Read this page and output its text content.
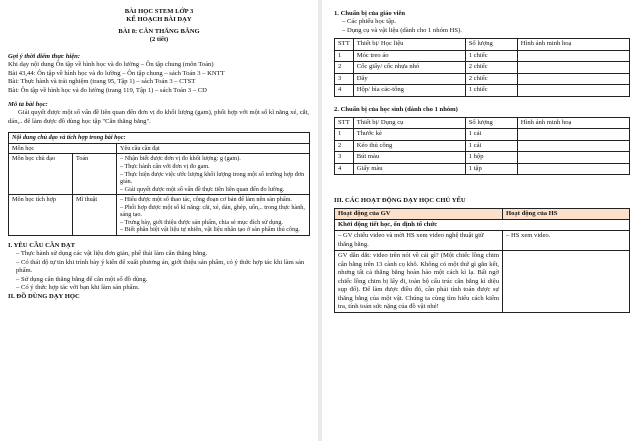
BÀI HỌC STEM LỚP 3
KẾ HOẠCH BÀI DẠY
BÀI 8: CÂN THĂNG BẰNG
(2 tiết)
Gợi ý thời điểm thực hiện:
Khi dạy nội dung Ôn tập về hình học và đo lường – Ôn tập chung (môn Toán)
Bài 43,44: Ôn tập về hình học và đo lường – Ôn tập chung – sách Toán 3 – KNTT
Bài: Thực hành và trải nghiệm (trang 95, Tập 1) – sách Toán 3 – CTST
Bài: Ôn tập về hình học và đo lường (trang 119, Tập 1) – sách Toán 3 – CD
Mô tả bài học:
Giải quyết được một số vấn đề liên quan đến đơn vị đo khối lượng (gam), phối hợp với một số kĩ năng xé, cắt, dán,.. để làm được đồ dùng học tập "Cân thăng bằng".
Nội dung chủ đạo và tích hợp trong bài học:		
Môn học		Yêu cầu cần đạt
Môn học chủ đạo	Toán	– Nhận biết được đơn vị đo khối lượng: g (gam).
– Thực hành cân với đơn vị đo gam.
– Thực hiện được việc ước lượng khối lượng trong một số trường hợp đơn giản.
– Giải quyết được một số vấn đề thực tiễn liên quan đến đo lường.

Môn học tích hợp	Mĩ thuật	– Hiểu được một số thao tác, công đoạn cơ bản để làm nên sản phẩm.
– Phối hợp được một số kĩ năng: cắt, xé, dán, ghép, uốn,.. trong thực hành, sáng tạo.
– Trưng bày, giới thiệu được sản phẩm, chia sẻ mục đích sử dụng.
– Biết phân biệt vật liệu tự nhiên, vật liệu nhân tạo ở sản phẩm thủ công.
I. YÊU CẦU CẦN ĐẠT
– Thực hành sử dụng các vật liệu đơn giản, phế thải làm cân thăng bằng.
– Có thái độ tự tin khi trình bày ý kiến để xuất phương án, giới thiệu sản phẩm, có ý thức hợp tác khi làm sản phẩm.
– Sử dụng cân thăng bằng để cân một số đồ dùng.
– Có ý thức hợp tác với bạn khi làm sản phẩm.
II. ĐỒ DÙNG DẠY HỌC
1. Chuẩn bị của giáo viên
– Các phiếu học tập.
– Dụng cụ và vật liệu (dành cho 1 nhóm HS).
STT	Thiết bị/ Học liệu	Số lượng	Hình ảnh minh hoạ
1	Móc treo áo	1 chiếc	
2	Cốc giấy/ cốc nhựa nhỏ	2 chiếc	
3	Dây	2 chiếc	
4	Hộp/ bìa các-tông	1 chiếc	
2. Chuẩn bị của học sinh (dành cho 1 nhóm)
STT	Thiết bị/ Dụng cụ	Số lượng	Hình ảnh minh hoạ
1	Thước kẻ	1 cái	
2	Kéo thủ công	1 cái	
3	Bút màu	1 hộp	
4	Giấy màu	1 tập	
III. CÁC HOẠT ĐỘNG DẠY HỌC CHỦ YẾU
Hoạt động của GV	Hoạt động của HS
Khởi động tiết học, ổn định tổ chức	
– GV chiếu video và mời HS xem video nghệ thuật giữ thăng bằng.	– HS xem video.
GV dẫn dắt: video trên nói về cái gì? (Một chiếc lồng chim cân bằng trên 13 cành cọ khô. Không có một thứ gì gắn kết, nhưng tất cả thăng bằng hoàn hảo một cách kì lạ. Bất ngờ chiếc lồng chim bị lấy đi, toàn bộ cấu trúc cân bằng kì diệu sụp đổ). Để làm được điều đó, cần phải tính toán được sự thăng bằng của một vật. Chúng ta cùng tìm hiểu cách kiểm tra, tính toán sức nặng của đồ vật nhé!	
